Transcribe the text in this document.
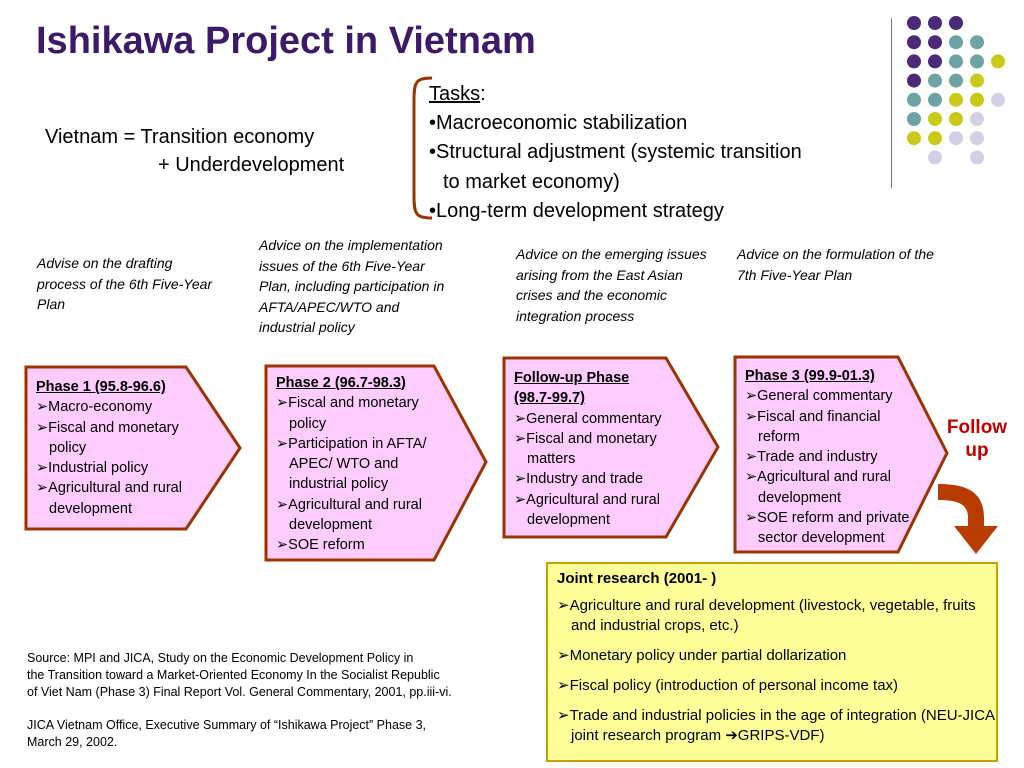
Ishikawa Project in Vietnam
Vietnam = Transition economy
+ Underdevelopment
Tasks:
•Macroeconomic stabilization
•Structural adjustment (systemic transition
to market economy)
•Long-term development strategy
Advise on the drafting process of the 6th Five-Year Plan
Advice on the implementation issues of the 6th Five-Year Plan, including participation in AFTA/APEC/WTO and industrial policy
Advice on the emerging issues arising from the East Asian crises and the economic integration process
Advice on the formulation of the 7th Five-Year Plan
Phase 1 (95.8-96.6)
➢Macro-economy
➢Fiscal and monetary
policy
➢Industrial policy
➢Agricultural and rural
development
Phase 2 (96.7-98.3)
➢Fiscal and monetary
policy
➢Participation in AFTA/
APEC/ WTO and
industrial policy
➢Agricultural and rural
development
➢SOE reform
Follow-up Phase
(98.7-99.7)
➢General commentary
➢Fiscal and monetary
matters
➢Industry and trade
➢Agricultural and rural
development
Phase 3 (99.9-01.3)
➢General commentary
➢Fiscal and financial
reform
➢Trade and industry
➢Agricultural and rural
development
➢SOE reform and private
sector development
Follow
up
Joint research (2001- )
➢Agriculture and rural development (livestock, vegetable, fruits and industrial crops, etc.)
➢Monetary policy under partial dollarization
➢Fiscal policy (introduction of personal income tax)
➢Trade and industrial policies in the age of integration (NEU-JICA joint research program ➔GRIPS-VDF)
Source: MPI and JICA, Study on the Economic Development Policy in
the Transition toward a Market-Oriented Economy In the Socialist Republic
of Viet Nam (Phase 3) Final Report Vol. General Commentary, 2001, pp.iii-vi.
JICA Vietnam Office, Executive Summary of “Ishikawa Project” Phase 3,
March 29, 2002.
